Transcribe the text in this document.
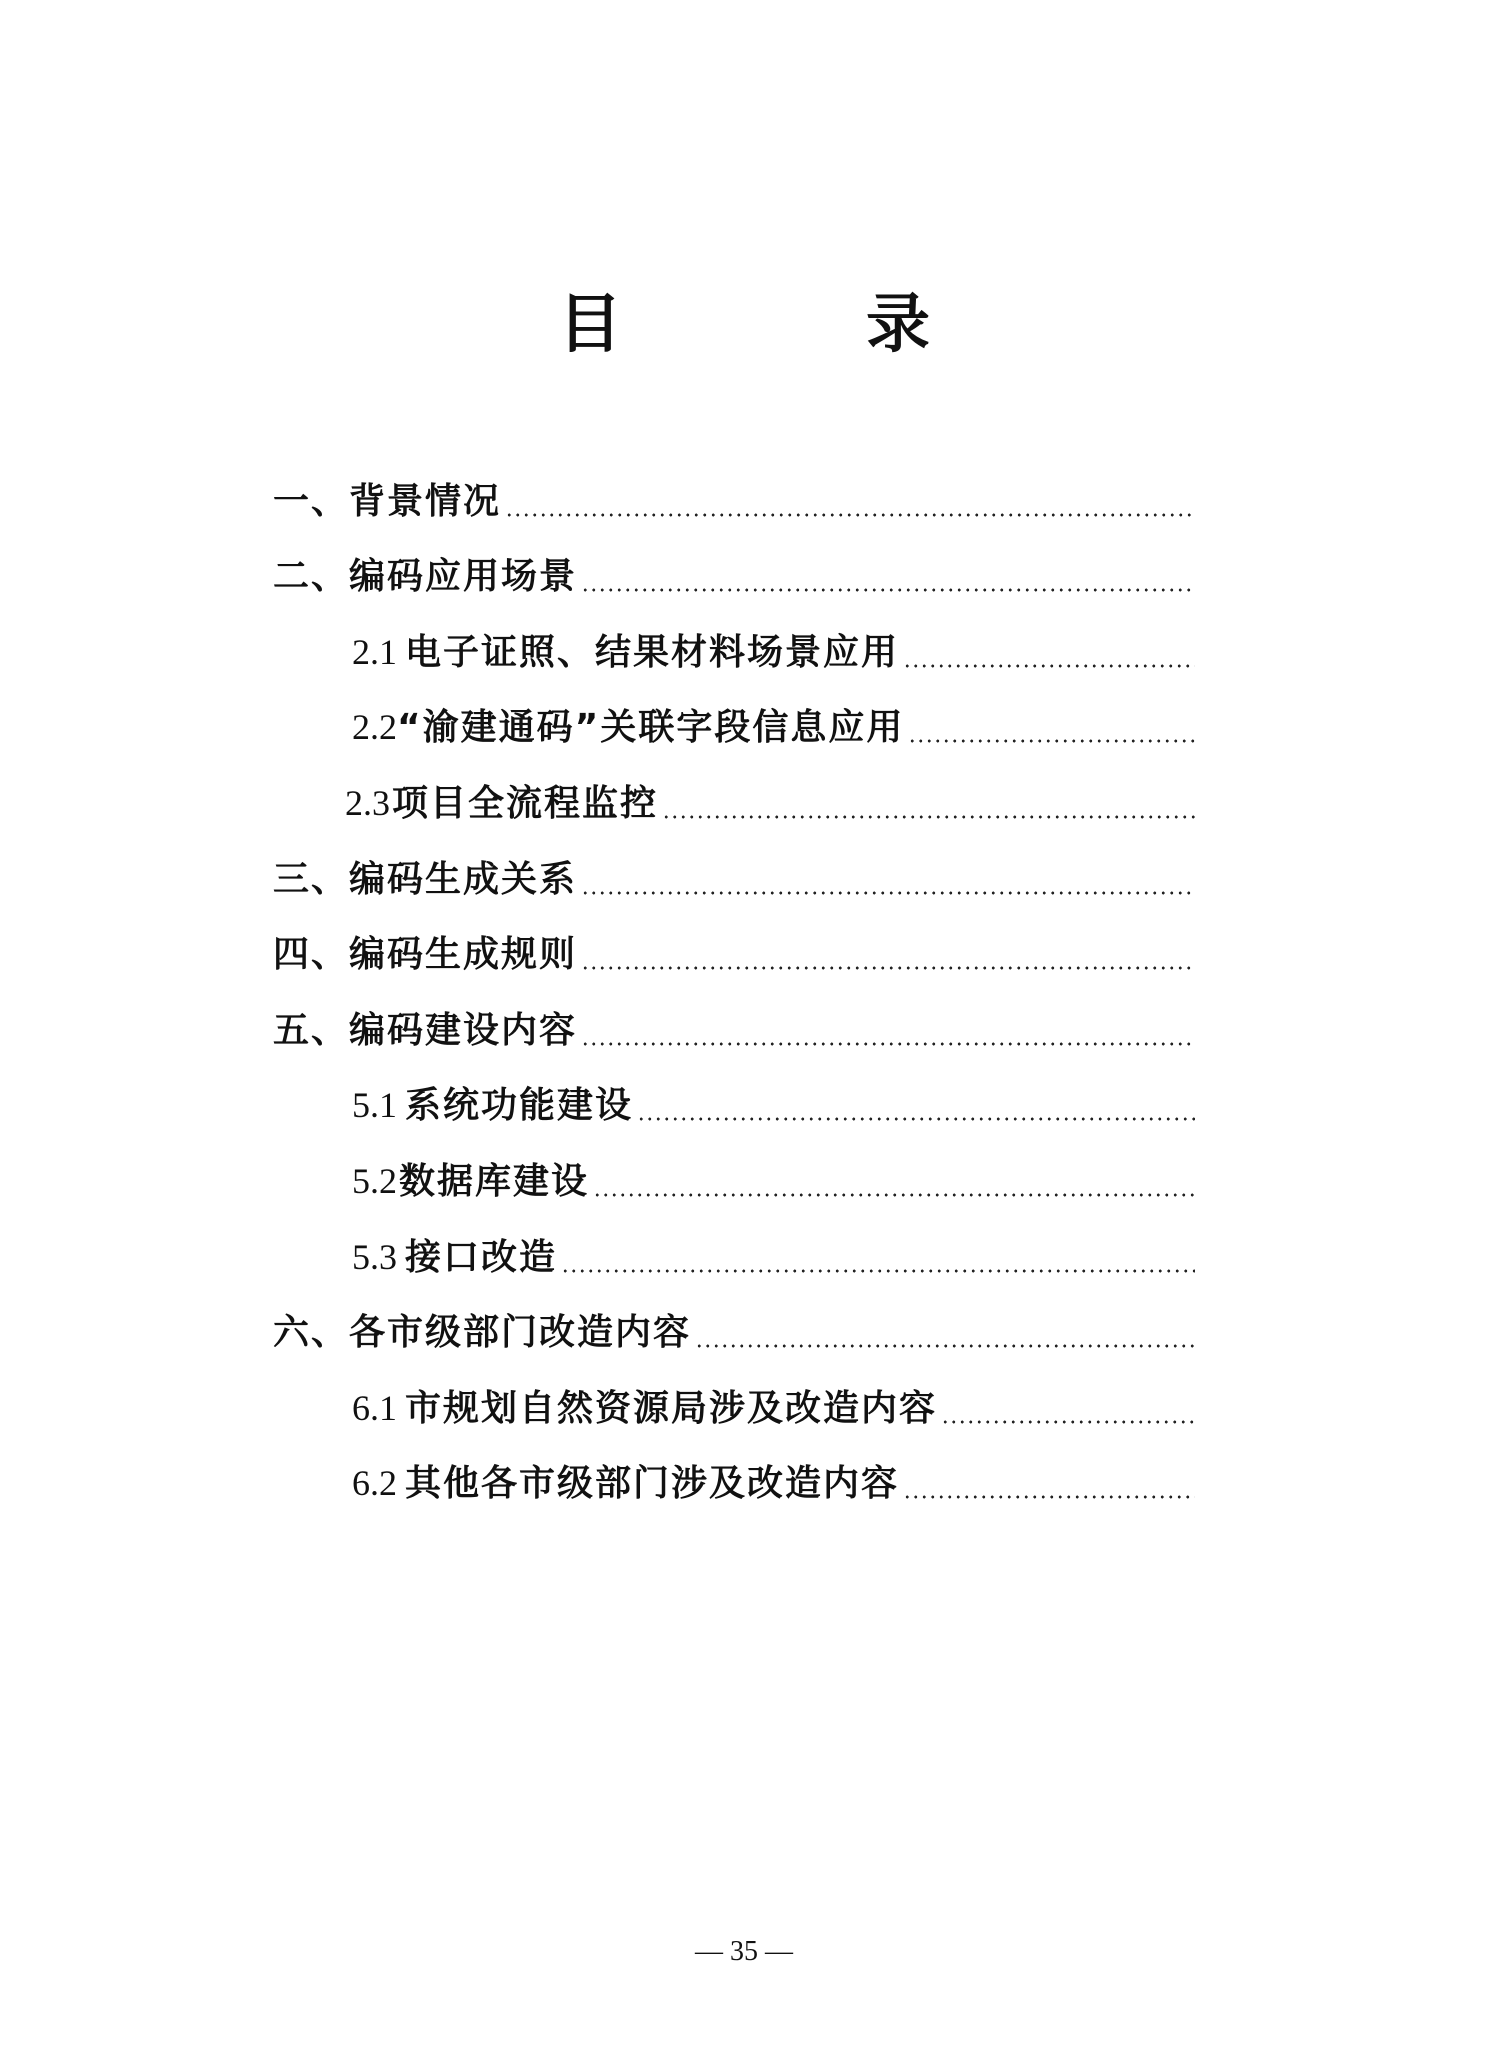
目　录
一、背景情况
二、编码应用场景
2.1 电子证照、结果材料场景应用
2.2“渝建通码”关联字段信息应用
2.3项目全流程监控
三、编码生成关系
四、编码生成规则
五、编码建设内容
5.1 系统功能建设
5.2数据库建设
5.3 接口改造
六、各市级部门改造内容
6.1 市规划自然资源局涉及改造内容
6.2 其他各市级部门涉及改造内容
— 35 —
